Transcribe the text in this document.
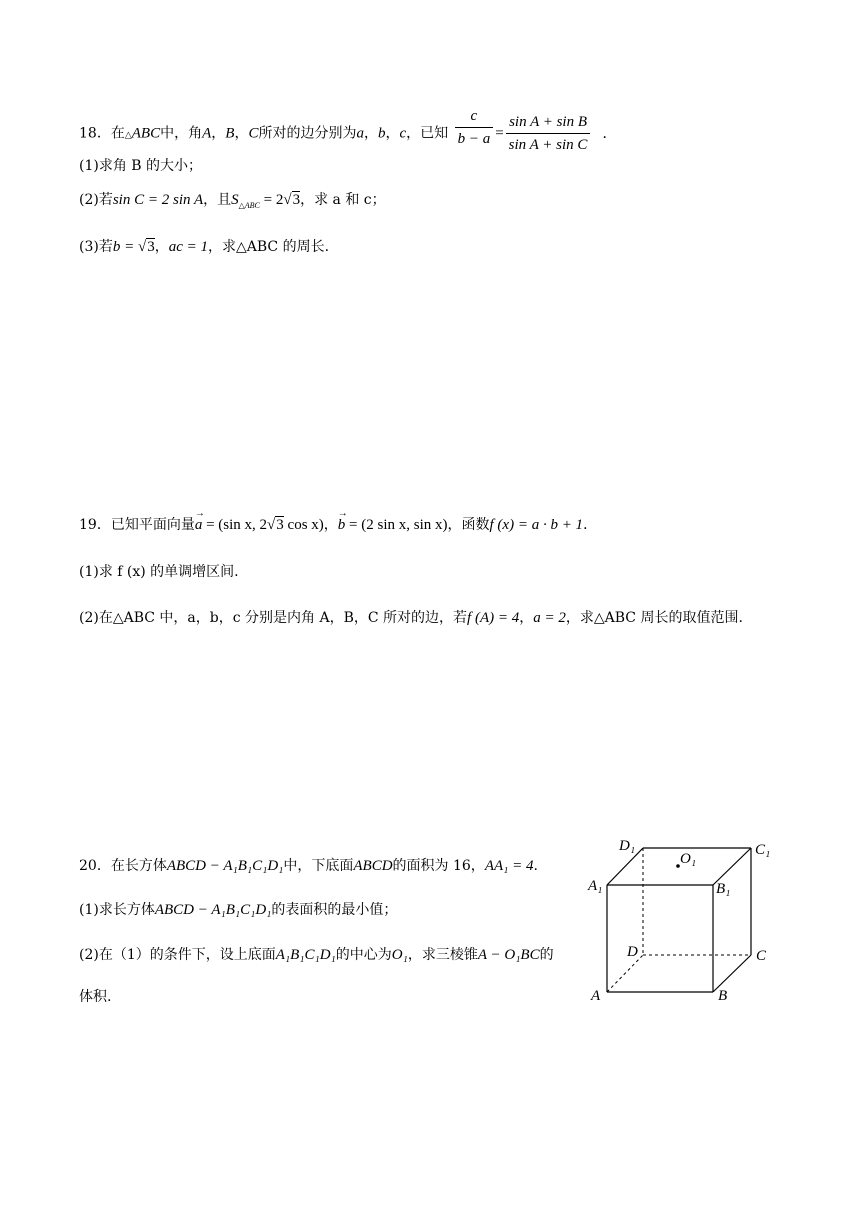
18．在△ABC中，角A，B，C所对的边分别为a，b，c，已知 $\frac{c}{b - a} = \frac{\text{sin A + sin B}}{\text{sin A + sin C}}$ ．
(1)求角 B 的大小；
(2)若sin C = 2 sin A，且$S_{\triangle ABC} = 2√3$，求 a 和 c；
(3)若b = √3，ac = 1，求△ABC 的周长.
19．已知平面向量→ a = (sin x, 2√3 cos x)，→ b = (2 sin x, sin x)，函数f (x) = a · b + 1．
(1)求 f (x) 的单调增区间.
(2)在△ABC 中，a，b，c 分别是内角 A，B，C 所对的边，若f (A) = 4，a = 2，求△ABC 周长的取值范围.
20．在长方体ABCD − A₁B₁C₁D₁中，下底面ABCD的面积为 16，AA₁ = 4.
(1)求长方体ABCD − A₁B₁C₁D₁的表面积的最小值；
(2)在（1）的条件下，设上底面A₁B₁C₁D₁的中心为O₁，求三棱锥A − O₁BC的
体积.
D₁	C₁
O₁
A₁	B₁
D	C
A	B
